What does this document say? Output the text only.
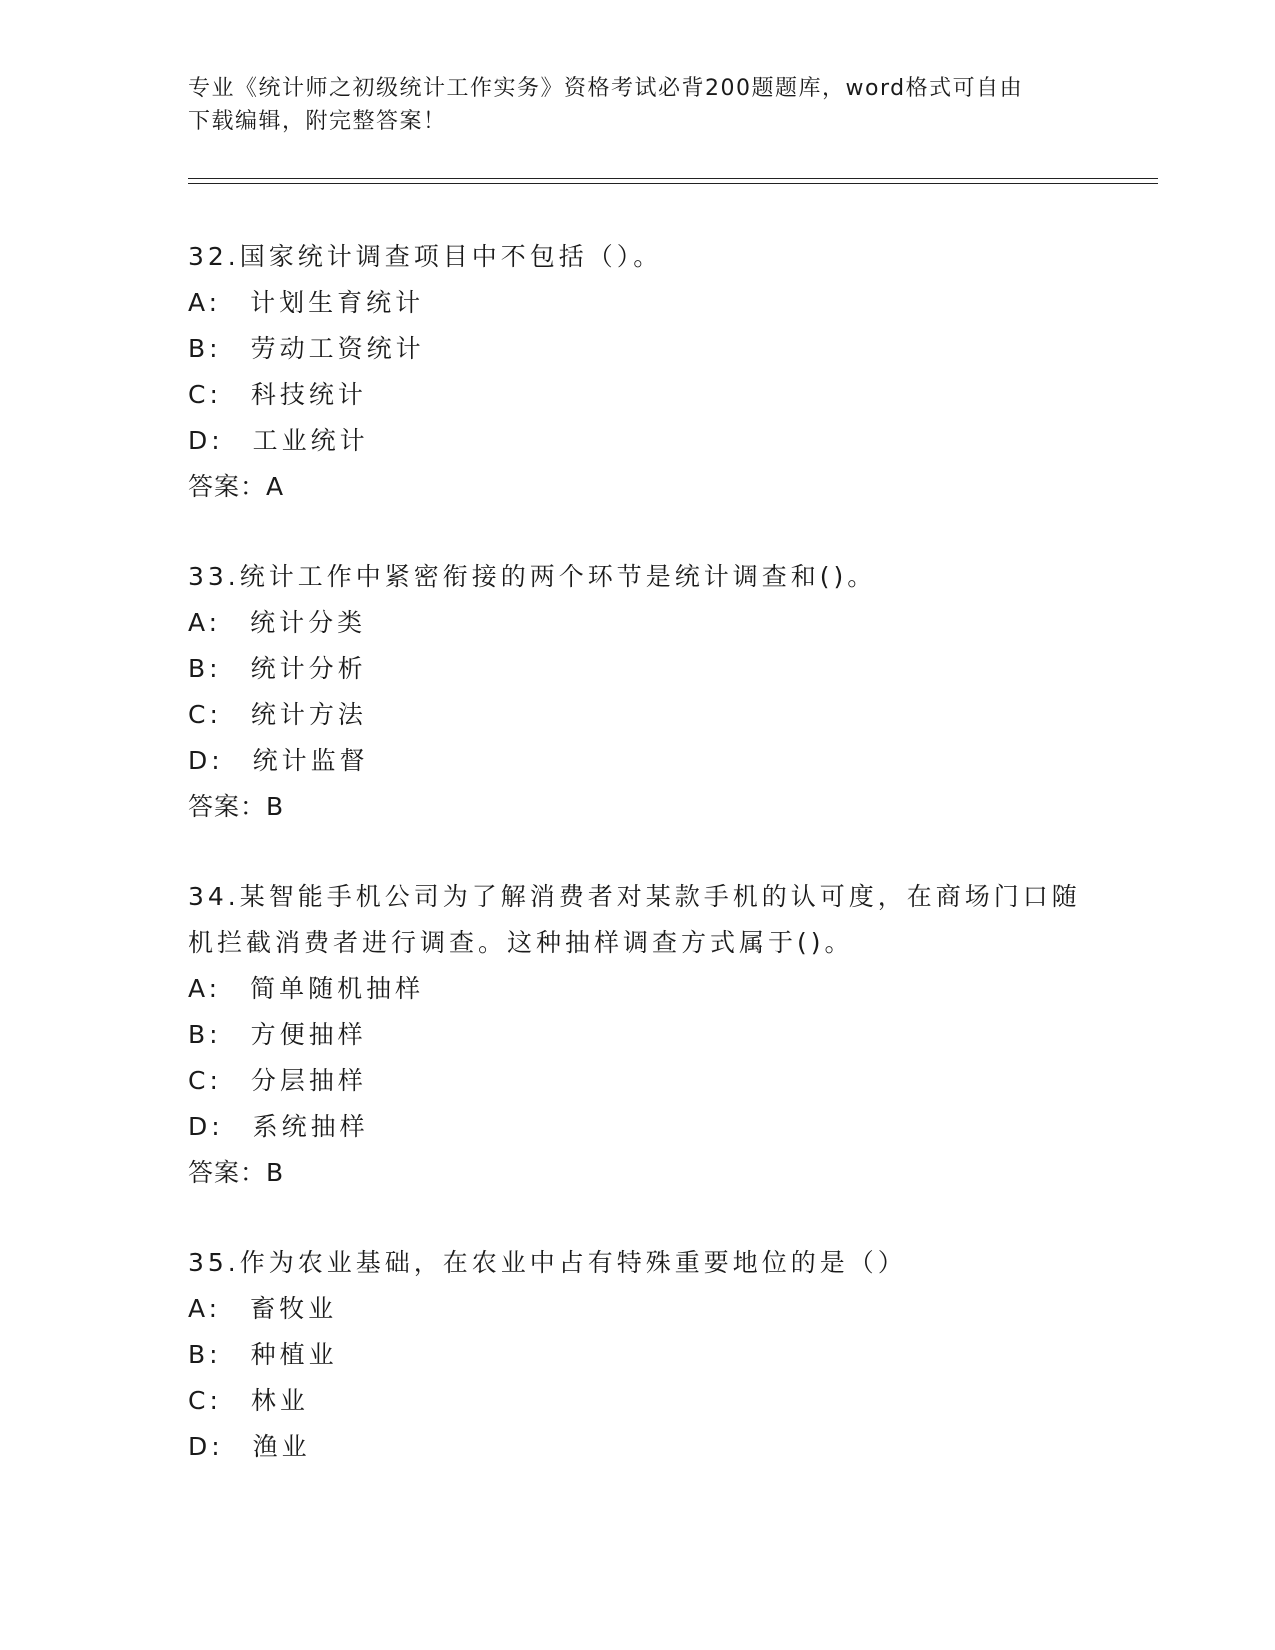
专业《统计师之初级统计工作实务》资格考试必背200题题库，word格式可自由
下载编辑，附完整答案！

32.国家统计调查项目中不包括（）。

A:　计划生育统计

B:　劳动工资统计

C:　科技统计

D:　工业统计

答案：A

33.统计工作中紧密衔接的两个环节是统计调查和()。

A:　统计分类

B:　统计分析

C:　统计方法

D:　统计监督

答案：B

34.某智能手机公司为了解消费者对某款手机的认可度，在商场门口随

机拦截消费者进行调查。这种抽样调查方式属于()。

A:　简单随机抽样

B:　方便抽样

C:　分层抽样

D:　系统抽样

答案：B

35.作为农业基础，在农业中占有特殊重要地位的是（）

A:　畜牧业

B:　种植业

C:　林业

D:　渔业
